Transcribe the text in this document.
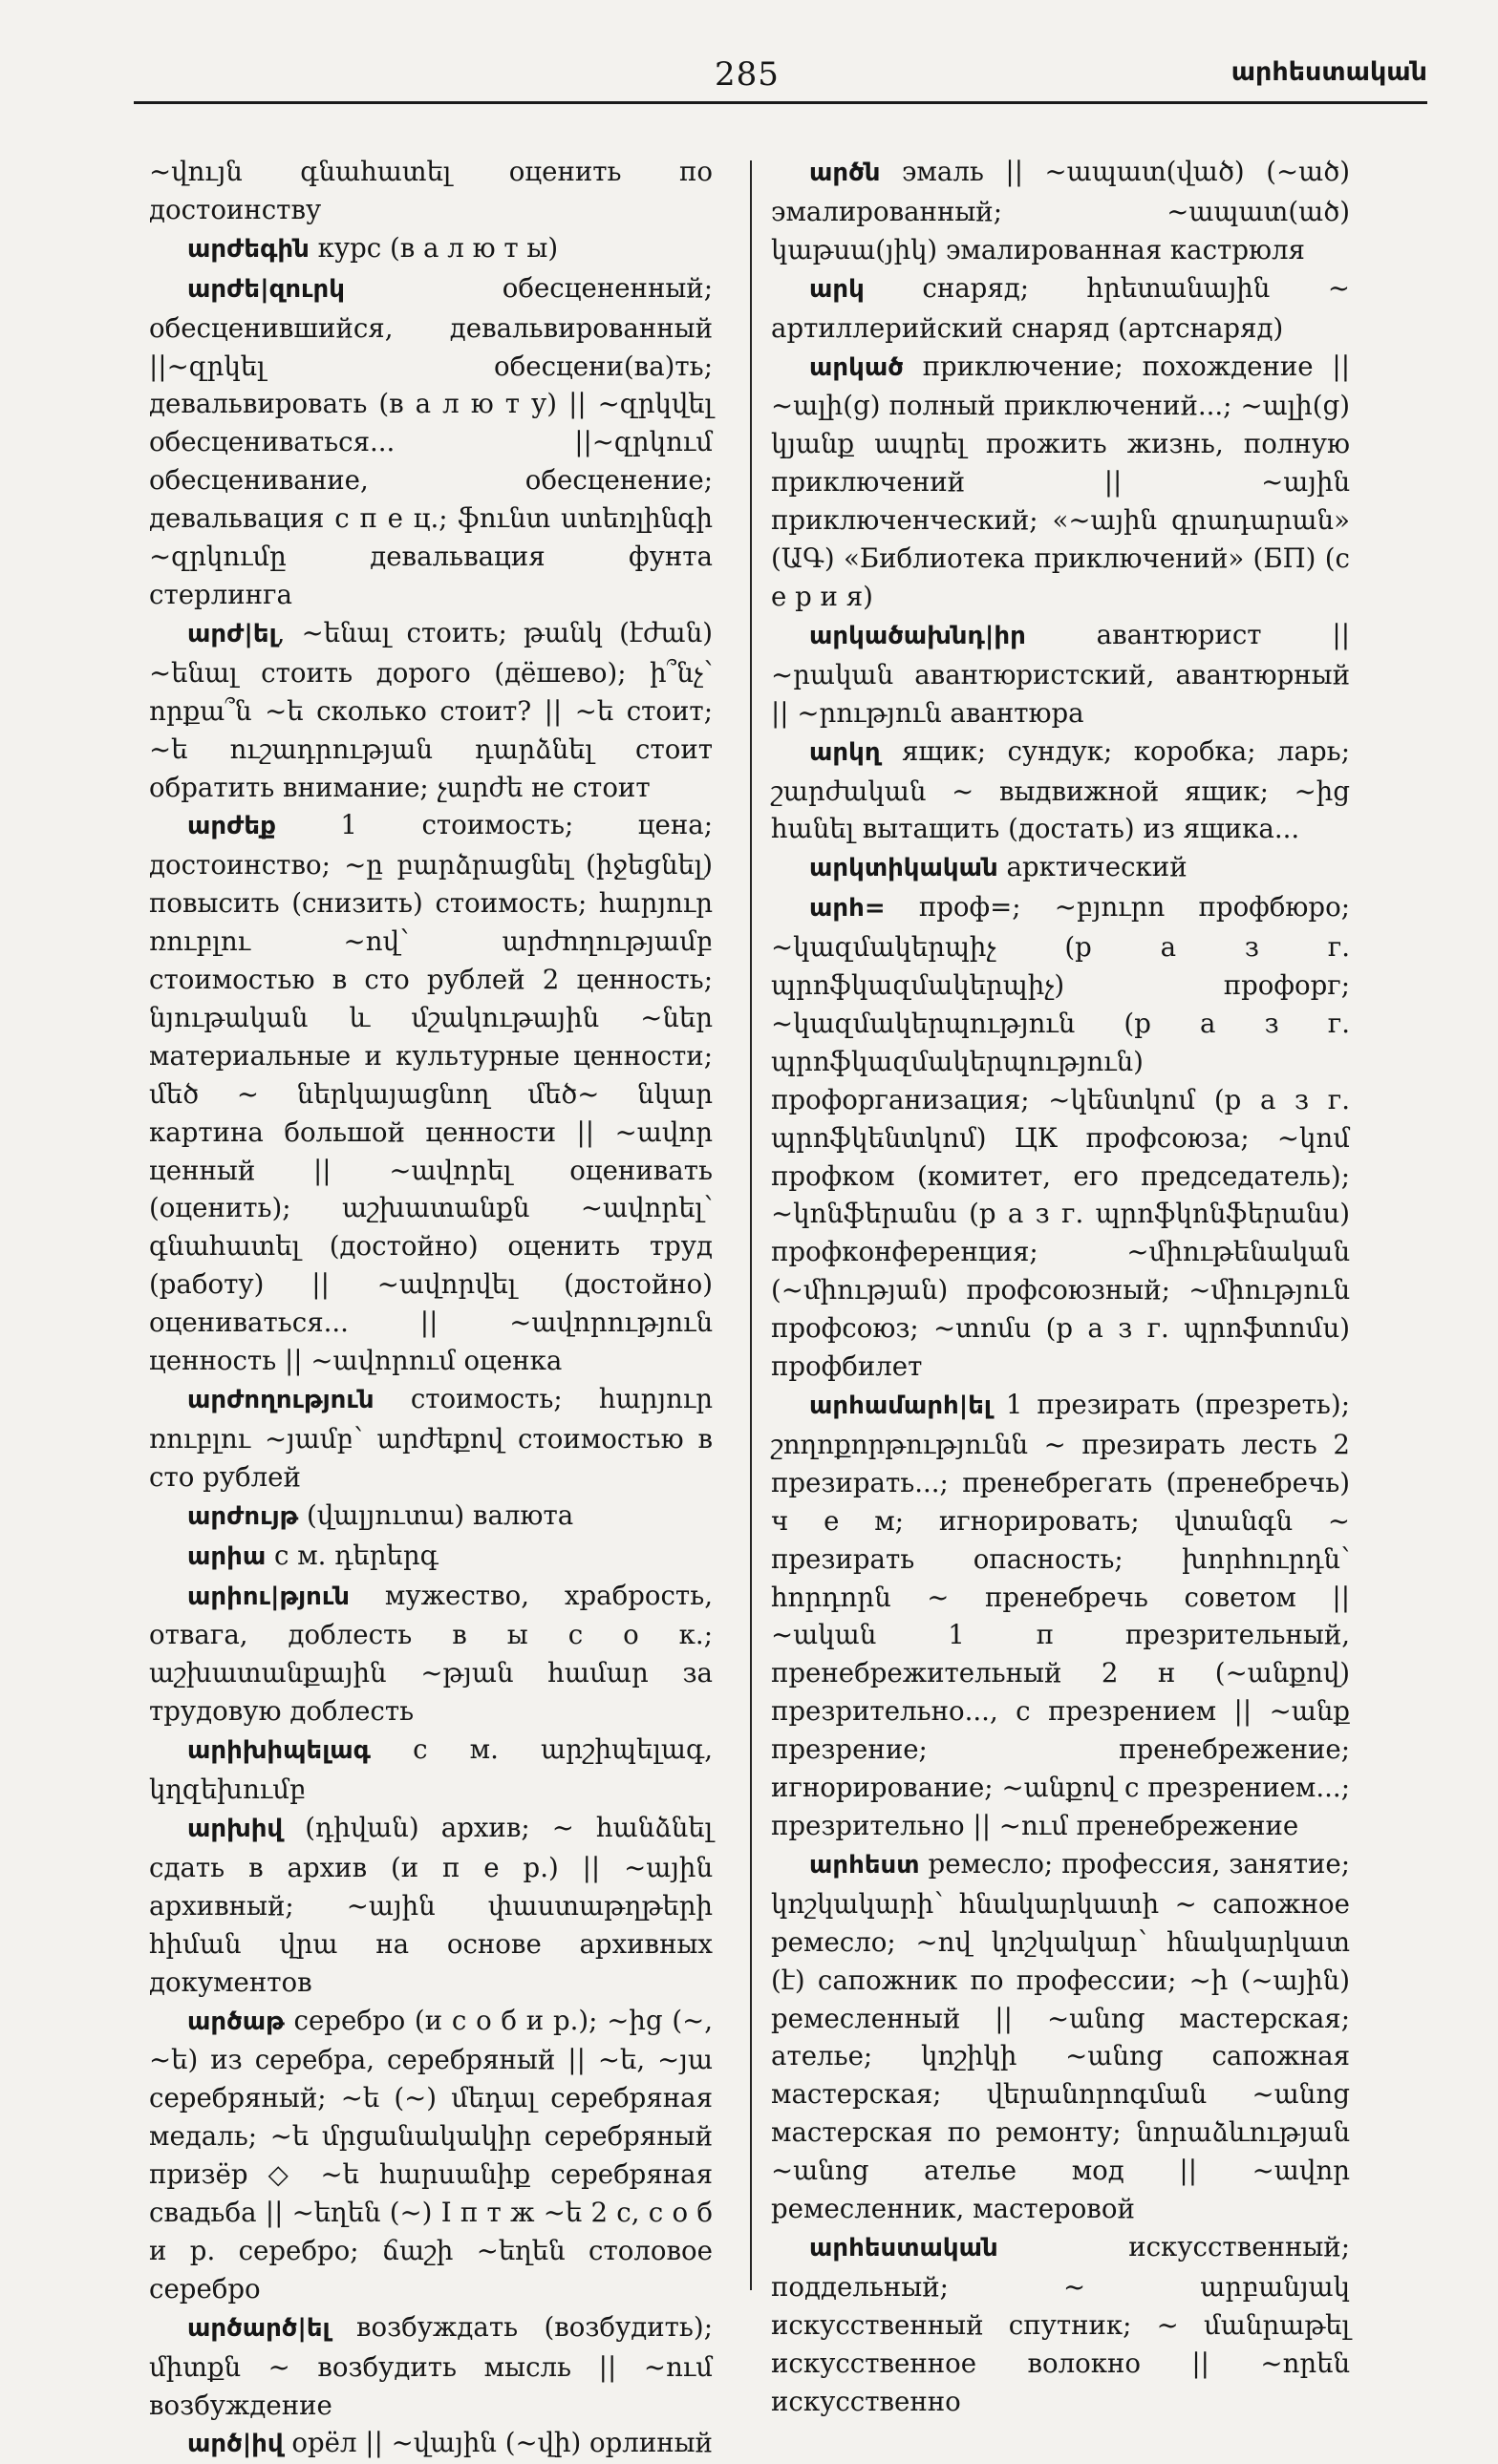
285	արհեստական

~վույն գնահատել оценить по достоинству

արժեգին курс (в а л ю т ы)

արժե|զուրկ обесцененный; обесценившийся, девальвированный ||~զրկել обесцени(ва)ть; девальвировать (в а л ю т у) || ~զրկվել обесцениваться... ||~զրկում обесценивание, обесценение; девальвация с п е ц.; ֆունտ ստեռլինգի ~զրկումը девальвация фунта стерлинга

արժ|ել, ~ենալ стоить; թանկ (էժան) ~ենալ стоить дорого (дёшево); ի՞նչ՝ որքա՞ն ~ե сколько стоит? || ~ե стоит; ~ե ուշադրության դարձնել стоит обратить внимание; չարժե не стоит

արժեք 1 стоимость; цена; достоинство; ~ը բարձրացնել (իջեցնել) повысить (снизить) стоимость; հարյուր ռուբլու ~ով՝ արժողությամբ стоимостью в сто рублей 2 ценность; նյութական և մշակութային ~ներ материальные и культурные ценности; մեծ ~ ներկայացնող մեծ~ նկար картина большой ценности || ~ավոր ценный || ~ավորել оценивать (оценить); աշխատանքն ~ավորել՝ գնահատել (достойно) оценить труд (работу) || ~ավորվել (достойно) оцениваться... || ~ավորություն ценность || ~ավորում оценка

արժողություն стоимость; հարյուր ռուբլու ~յամբ՝ արժեքով стоимостью в сто рублей

արժույթ (վալյուտա) валюта

արիա с м. դերերգ

արիու|թյուն мужество, храбрость, отвага, доблесть в ы с о к.; աշխատանքային ~թյան համար за трудовую доблесть

արիխիպելագ с м. արշիպելագ, կղզեխումբ

արխիվ (դիվան) архив; ~ հանձնել сдать в архив (и п е р.) || ~ային архивный; ~ային փաստաթղթերի հիման վրա на основе архивных документов

արծաթ серебро (и с о б и р.); ~ից (~, ~ե) из серебра, серебряный || ~ե, ~յա серебряный; ~ե (~) մեդալ серебряная медаль; ~ե մրցանակակիր серебряный призёр ◇ ~ե հարսանիք серебряная свадьба || ~եղեն (~) I п т ж ~ե 2 с, с о б и р. серебро; ճաշի ~եղեն столовое серебро

արծարծ|ել возбуждать (возбудить); միտքն ~ возбудить мысль || ~ում возбуждение

արծ|իվ орёл || ~վային (~վի) орлиный

արծն эмаль || ~ապատ(ված) (~ած) эмалированный; ~ապատ(ած) կաթսա(յիկ) эмалированная кастрюля

արկ снаряд; հրետանային ~ артиллерийский снаряд (артснаряд)

արկած приключение; похождение || ~ալի(ց) полный приключений...; ~ալի(ց) կյանք ապրել прожить жизнь, полную приключений || ~ային приключенческий; «~ային գրադարան» (ԱԳ) «Библиотека приключений» (БП) (с е р и я)

արկածախնդ|իր авантюрист || ~րական авантюристский, авантюрный || ~րություն авантюра

արկղ ящик; сундук; коробка; ларь; շարժական ~ выдвижной ящик; ~ից հանել вытащить (достать) из ящика...

արկտիկական арктический

արհ= проф=; ~բյուրո профбюро; ~կազմակերպիչ (р а з г. պրոֆկազմակերպիչ) профорг; ~կազմակերպություն (р а з г. պրոֆկազմակերպություն) профорганизация; ~կենտկոմ (р а з г. պրոֆկենտկոմ) ЦК профсоюза; ~կոմ профком (комитет, его председатель); ~կոնֆերանս (р а з г. պրոֆկոնֆերանս) профконференция; ~միութենական (~միության) профсоюзный; ~միություն профсоюз; ~տոմս (р а з г. պրոֆտոմս) профбилет

արհամարհ|ել 1 презирать (презреть); շողոքորթությունն ~ презирать лесть 2 презирать...; пренебрегать (пренебречь) ч е м; игнорировать; վտանգն ~ презирать опасность; խորհուրդն՝ հորդորն ~ пренебречь советом || ~ական 1 п презрительный, пренебрежительный 2 н (~անքով) презрительно..., с презрением || ~անք презрение; пренебрежение; игнорирование; ~անքով с презрением...; презрительно || ~ում пренебрежение

արհեստ ремесло; профессия, занятие; կոշկակարի՝ հնակարկատի ~ сапожное ремесло; ~ով կոշկակար՝ հնակարկատ (է) сапожник по профессии; ~ի (~ային) ремесленный || ~անոց мастерская; ателье; կոշիկի ~անոց сапожная мастерская; վերանորոգման ~անոց мастерская по ремонту; նորաձևության ~անոց ателье мод || ~ավոր ремесленник, мастеровой

արհեստական искусственный; поддельный; ~ արբանյակ искусственный спутник; ~ մանրաթել искусственное волокно || ~որեն искусственно
